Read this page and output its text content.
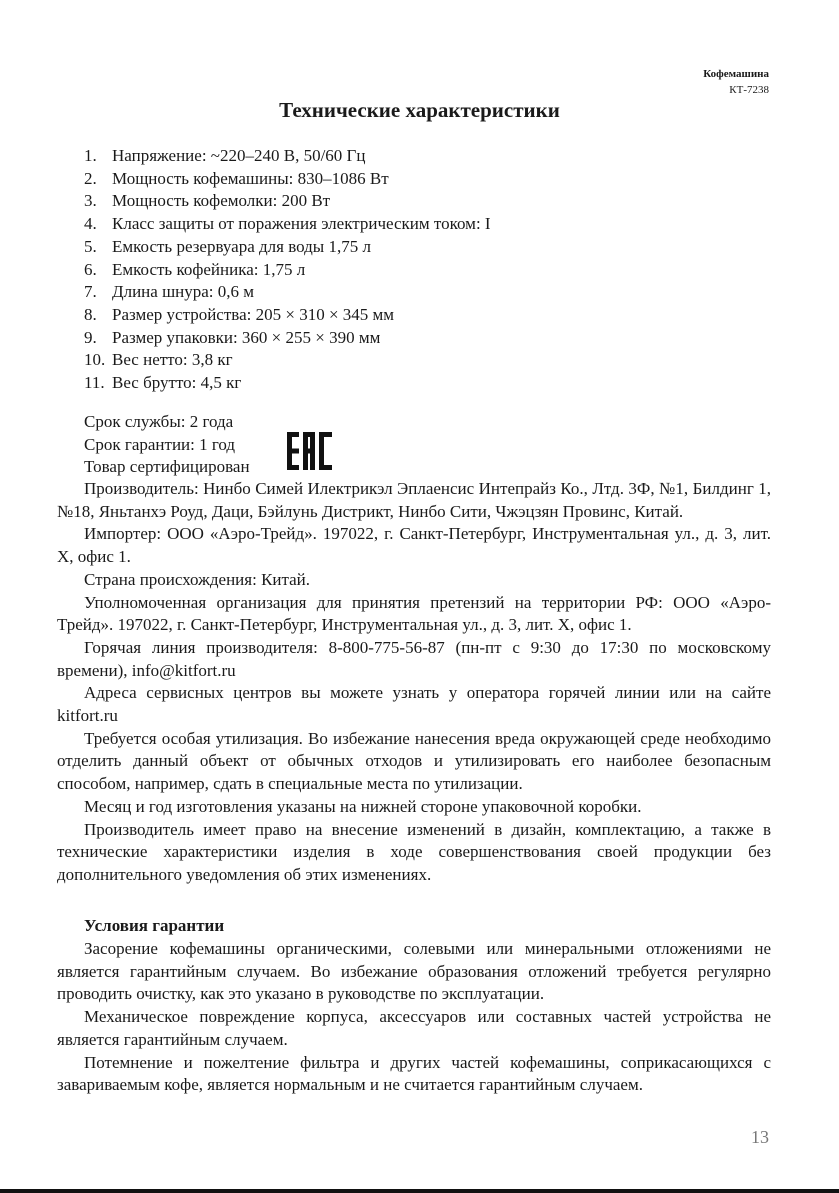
Кофемашина
КТ-7238
Технические характеристики
1. Напряжение: ~220–240 В, 50/60 Гц
2. Мощность кофемашины: 830–1086 Вт
3. Мощность кофемолки: 200 Вт
4. Класс защиты от поражения электрическим током: I
5. Емкость резервуара для воды 1,75 л
6. Емкость кофейника: 1,75 л
7. Длина шнура: 0,6 м
8. Размер устройства: 205 × 310 × 345 мм
9. Размер упаковки: 360 × 255 × 390 мм
10. Вес нетто: 3,8 кг
11. Вес брутто: 4,5 кг
Срок службы: 2 года
Срок гарантии: 1 год
Товар сертифицирован

Производитель: Нинбо Симей Илектрикэл Эплаенсис Интепрайз Ко., Лтд. 3Ф, №1, Билдинг 1, №18, Яньтанхэ Роуд, Даци, Бэйлунь Дистрикт, Нинбо Сити, Чжэцзян Провинс, Китай.

Импортер: ООО «Аэро-Трейд». 197022, г. Санкт-Петербург, Инструментальная ул., д. 3, лит. Х, офис 1.

Страна происхождения: Китай.

Уполномоченная организация для принятия претензий на территории РФ: ООО «Аэро-Трейд». 197022, г. Санкт-Петербург, Инструментальная ул., д. 3, лит. Х, офис 1.

Горячая линия производителя: 8-800-775-56-87 (пн-пт с 9:30 до 17:30 по московскому времени), info@kitfort.ru

Адреса сервисных центров вы можете узнать у оператора горячей линии или на сайте kitfort.ru

Требуется особая утилизация. Во избежание нанесения вреда окружающей среде необходимо отделить данный объект от обычных отходов и утилизировать его наиболее безопасным способом, например, сдать в специальные места по утилизации.

Месяц и год изготовления указаны на нижней стороне упаковочной коробки.

Производитель имеет право на внесение изменений в дизайн, комплектацию, а также в технические характеристики изделия в ходе совершенствования своей продукции без дополнительного уведомления об этих изменениях.

Условия гарантии

Засорение кофемашины органическими, солевыми или минеральными отложениями не является гарантийным случаем. Во избежание образования отложений требуется регулярно проводить очистку, как это указано в руководстве по эксплуатации.

Механическое повреждение корпуса, аксессуаров или составных частей устройства не является гарантийным случаем.

Потемнение и пожелтение фильтра и других частей кофемашины, соприкасающихся с завариваемым кофе, является нормальным и не считается гарантийным случаем.

13
